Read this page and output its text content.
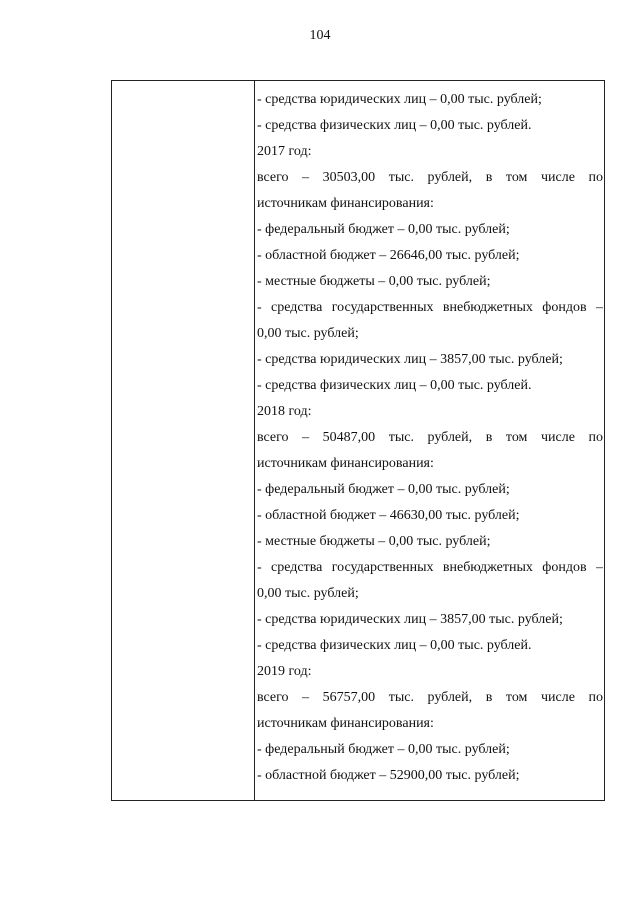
104
- средства юридических лиц – 0,00 тыс. рублей;
- средства физических лиц – 0,00 тыс. рублей.
2017 год:
всего – 30503,00 тыс. рублей, в том числе по
источникам финансирования:
- федеральный бюджет – 0,00 тыс. рублей;
- областной бюджет – 26646,00 тыс. рублей;
- местные бюджеты – 0,00 тыс. рублей;
- средства государственных внебюджетных фондов –
0,00 тыс. рублей;
- средства юридических лиц – 3857,00 тыс. рублей;
- средства физических лиц – 0,00 тыс. рублей.
2018 год:
всего – 50487,00 тыс. рублей, в том числе по
источникам финансирования:
- федеральный бюджет – 0,00 тыс. рублей;
- областной бюджет – 46630,00 тыс. рублей;
- местные бюджеты – 0,00 тыс. рублей;
- средства государственных внебюджетных фондов –
0,00 тыс. рублей;
- средства юридических лиц – 3857,00 тыс. рублей;
- средства физических лиц – 0,00 тыс. рублей.
2019 год:
всего – 56757,00 тыс. рублей, в том числе по
источникам финансирования:
- федеральный бюджет – 0,00 тыс. рублей;
- областной бюджет – 52900,00 тыс. рублей;
